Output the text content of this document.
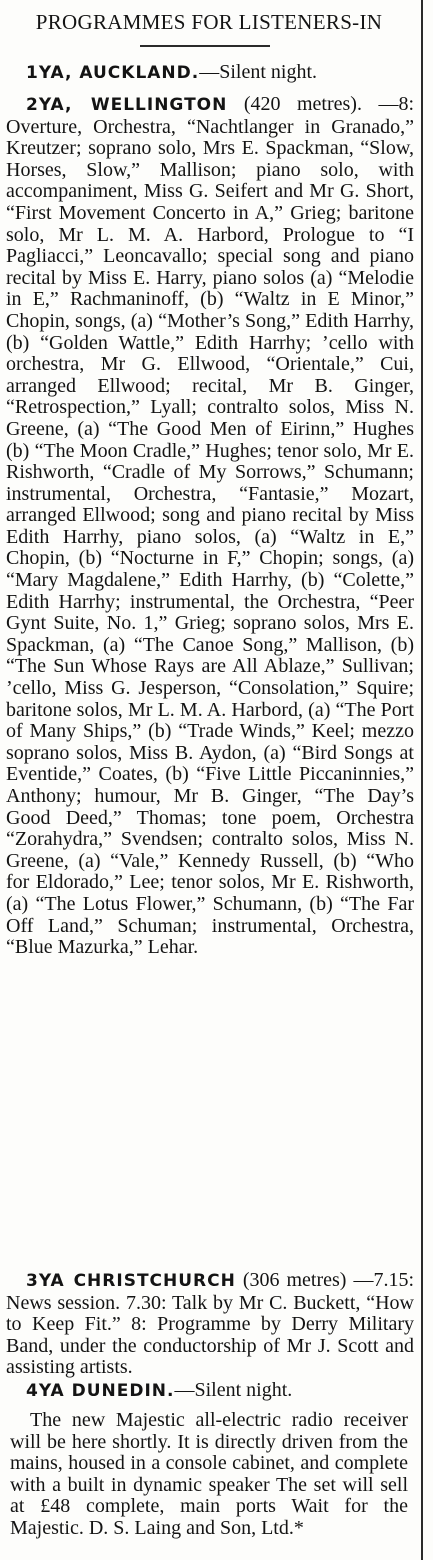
PROGRAMMES FOR LISTENERS-IN

1YA, AUCKLAND.—Silent night.

2YA, WELLINGTON (420 metres). —8: Overture, Orchestra, “Nachtlanger in Granado,” Kreutzer; soprano solo, Mrs E. Spackman, “Slow, Horses, Slow,” Mallison; piano solo, with accompaniment, Miss G. Seifert and Mr G. Short, “First Movement Concerto in A,” Grieg; baritone solo, Mr L. M. A. Harbord, Prologue to “I Pagliacci,” Leoncavallo; special song and piano recital by Miss E. Harry, piano solos (a) “Melodie in E,” Rachmaninoff, (b) “Waltz in E Minor,” Chopin, songs, (a) “Mother’s Song,” Edith Harrhy, (b) “Golden Wattle,” Edith Harrhy; ’cello with orchestra, Mr G. Ellwood, “Orientale,” Cui, arranged Ellwood; recital, Mr B. Ginger, “Retrospection,” Lyall; contralto solos, Miss N. Greene, (a) “The Good Men of Eirinn,” Hughes (b) “The Moon Cradle,” Hughes; tenor solo, Mr E. Rishworth, “Cradle of My Sorrows,” Schumann; instrumental, Orchestra, “Fantasie,” Mozart, arranged Ellwood; song and piano recital by Miss Edith Harrhy, piano solos, (a) “Waltz in E,” Chopin, (b) “Nocturne in F,” Chopin; songs, (a) “Mary Magdalene,” Edith Harrhy, (b) “Colette,” Edith Harrhy; instrumental, the Orchestra, “Peer Gynt Suite, No. 1,” Grieg; soprano solos, Mrs E. Spackman, (a) “The Canoe Song,” Mallison, (b) “The Sun Whose Rays are All Ablaze,” Sullivan; ’cello, Miss G. Jesperson, “Consolation,” Squire; baritone solos, Mr L. M. A. Harbord, (a) “The Port of Many Ships,” (b) “Trade Winds,” Keel; mezzo soprano solos, Miss B. Aydon, (a) “Bird Songs at Eventide,” Coates, (b) “Five Little Piccaninnies,” Anthony; humour, Mr B. Ginger, “The Day’s Good Deed,” Thomas; tone poem, Orchestra “Zorahydra,” Svendsen; contralto solos, Miss N. Greene, (a) “Vale,” Kennedy Russell, (b) “Who for Eldorado,” Lee; tenor solos, Mr E. Rishworth, (a) “The Lotus Flower,” Schumann, (b) “The Far Off Land,” Schuman; instrumental, Orchestra, “Blue Mazurka,” Lehar.

3YA CHRISTCHURCH (306 metres) —7.15: News session. 7.30: Talk by Mr C. Buckett, “How to Keep Fit.” 8: Programme by Derry Military Band, under the conductorship of Mr J. Scott and assisting artists.

4YA DUNEDIN.—Silent night.

The new Majestic all-electric radio receiver will be here shortly. It is directly driven from the mains, housed in a console cabinet, and complete with a built in dynamic speaker The set will sell at £48 complete, main ports Wait for the Majestic. D. S. Laing and Son, Ltd.*
